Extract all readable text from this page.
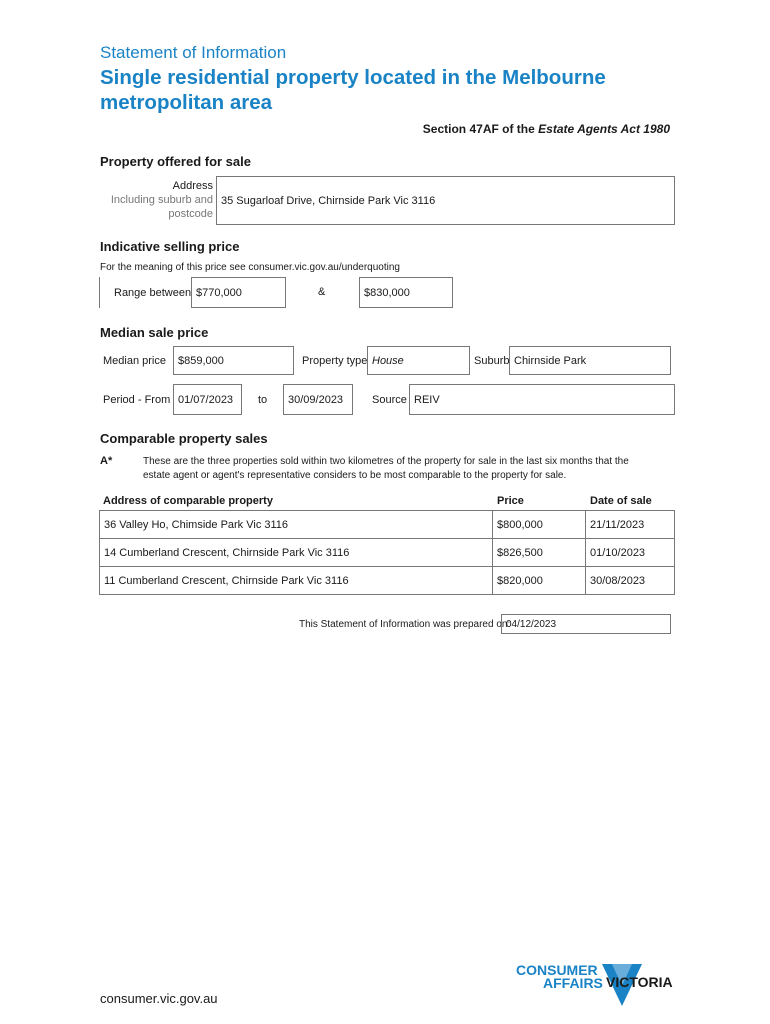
Statement of Information
Single residential property located in the Melbourne metropolitan area
Section 47AF of the Estate Agents Act 1980
Property offered for sale
Address
Including suburb and
postcode
35 Sugarloaf Drive, Chirnside Park Vic 3116
Indicative selling price
For the meaning of this price see consumer.vic.gov.au/underquoting
Range between $770,000	&	$830,000
Median sale price
Median price $859,000	Property type House	Suburb Chirnside Park
Period - From 01/07/2023 to 30/09/2023	Source REIV
Comparable property sales
A*	These are the three properties sold within two kilometres of the property for sale in the last six months that the
estate agent or agent's representative considers to be most comparable to the property for sale.
Address of comparable property	Price	Date of sale
36 Valley Ho, Chimside Park Vic 3116	$800,000	21/11/2023
14 Cumberland Crescent, Chirnside Park Vic 3116	$826,500	01/10/2023
11 Cumberland Crescent, Chirnside Park Vic 3116	$820,000	30/08/2023
This Statement of Information was prepared on:
04/12/2023
consumer.vic.gov.au
CONSUMER
AFFAIRS VICTORIA
